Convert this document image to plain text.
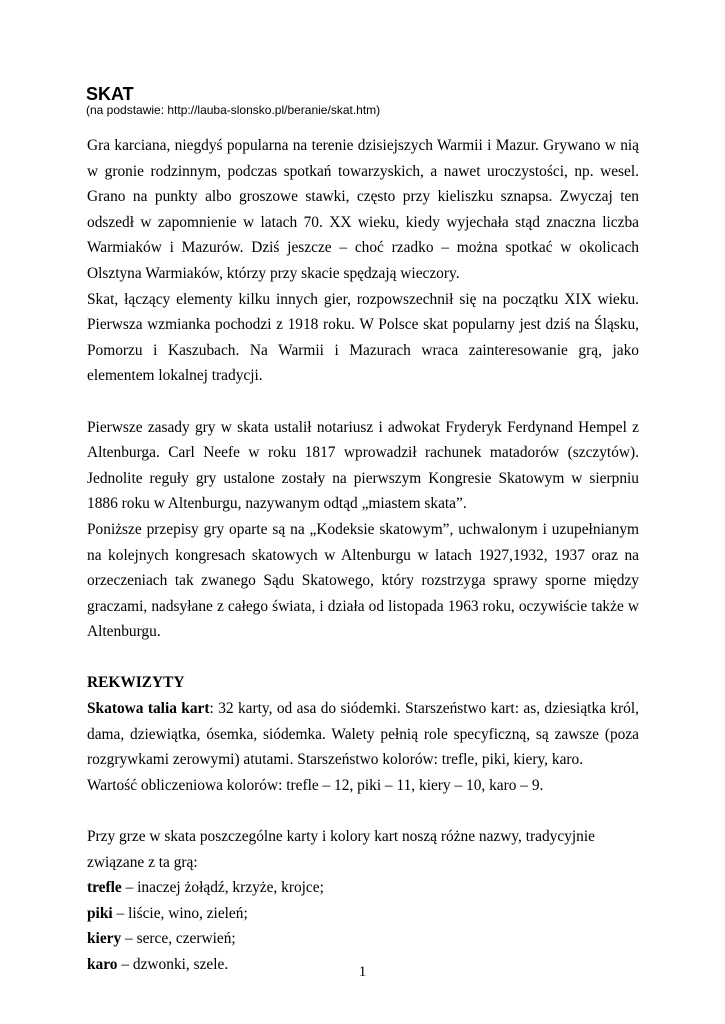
SKAT
(na podstawie: http://lauba-slonsko.pl/beranie/skat.htm)

Gra karciana, niegdyś popularna na terenie dzisiejszych Warmii i Mazur. Grywano w nią w gronie rodzinnym, podczas spotkań towarzyskich, a nawet uroczystości, np. wesel. Grano na punkty albo groszowe stawki, często przy kieliszku sznapsa. Zwyczaj ten odszedł w zapomnienie w latach 70. XX wieku, kiedy wyjechała stąd znaczna liczba Warmiaków i Mazurów. Dziś jeszcze – choć rzadko – można spotkać w okolicach Olsztyna Warmiaków, którzy przy skacie spędzają wieczory.

Skat, łączący elementy kilku innych gier, rozpowszechnił się na początku XIX wieku. Pierwsza wzmianka pochodzi z 1918 roku. W Polsce skat popularny jest dziś na Śląsku, Pomorzu i Kaszubach. Na Warmii i Mazurach wraca zainteresowanie grą, jako elementem lokalnej tradycji.

Pierwsze zasady gry w skata ustalił notariusz i adwokat Fryderyk Ferdynand Hempel z Altenburga. Carl Neefe w roku 1817 wprowadził rachunek matadorów (szczytów). Jednolite reguły gry ustalone zostały na pierwszym Kongresie Skatowym w sierpniu 1886 roku w Altenburgu, nazywanym odtąd „miastem skata”.

Poniższe przepisy gry oparte są na „Kodeksie skatowym”, uchwalonym i uzupełnianym na kolejnych kongresach skatowych w Altenburgu w latach 1927,1932, 1937 oraz na orzeczeniach tak zwanego Sądu Skatowego, który rozstrzyga sprawy sporne między graczami, nadsyłane z całego świata, i działa od listopada 1963 roku, oczywiście także w Altenburgu.

REKWIZYTY

Skatowa talia kart: 32 karty, od asa do siódemki. Starszeństwo kart: as, dziesiątka król, dama, dziewiątka, ósemka, siódemka. Walety pełnią role specyficzną, są zawsze (poza rozgrywkami zerowymi) atutami. Starszeństwo kolorów: trefle, piki, kiery, karo.

Wartość obliczeniowa kolorów: trefle – 12, piki – 11, kiery – 10, karo – 9.

Przy grze w skata poszczególne karty i kolory kart noszą różne nazwy, tradycyjnie związane z ta grą:

trefle – inaczej żołądź, krzyże, krojce;

piki – liście, wino, zieleń;

kiery – serce, czerwień;

karo – dzwonki, szele.	1
